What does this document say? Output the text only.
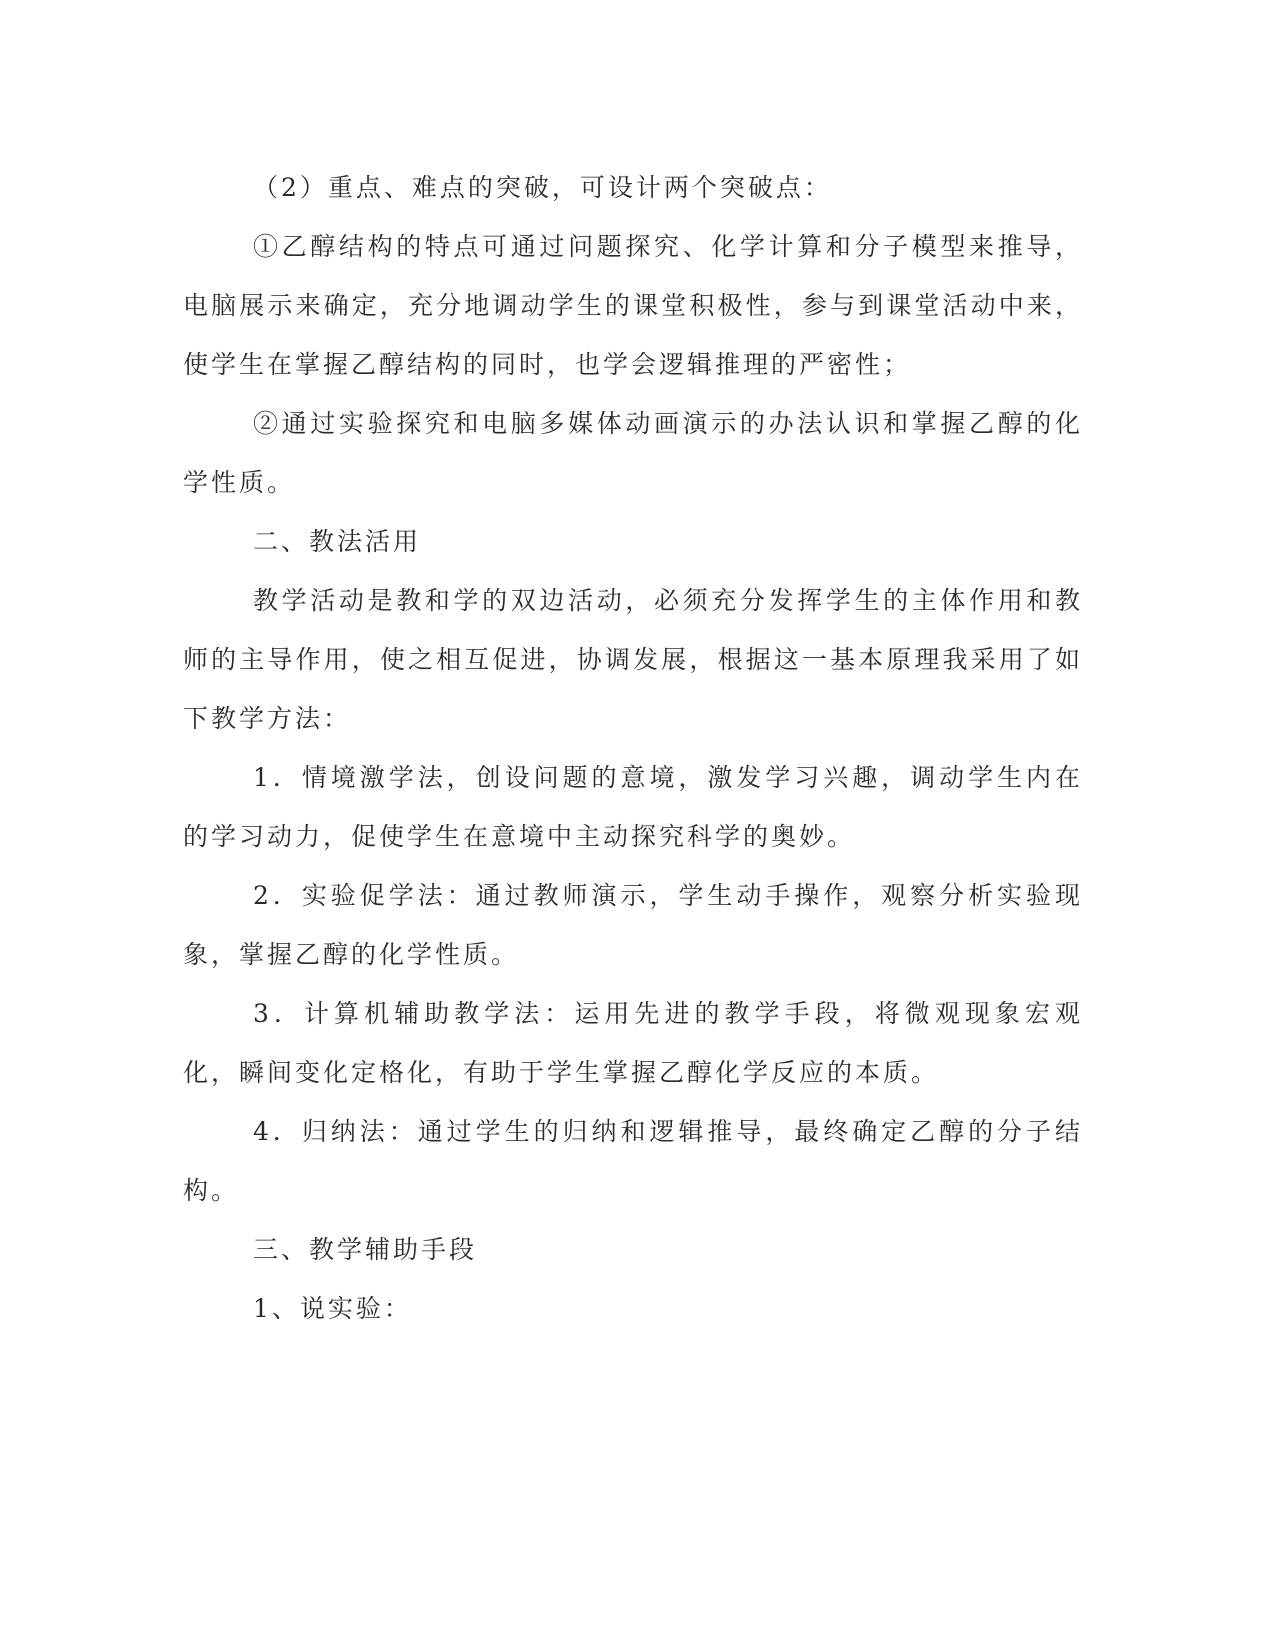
（2）重点、难点的突破，可设计两个突破点：

①乙醇结构的特点可通过问题探究、化学计算和分子模型来推导，电脑展示来确定，充分地调动学生的课堂积极性，参与到课堂活动中来，使学生在掌握乙醇结构的同时，也学会逻辑推理的严密性；

②通过实验探究和电脑多媒体动画演示的办法认识和掌握乙醇的化学性质。

二、教法活用

教学活动是教和学的双边活动，必须充分发挥学生的主体作用和教师的主导作用，使之相互促进，协调发展，根据这一基本原理我采用了如下教学方法：

1．情境激学法，创设问题的意境，激发学习兴趣，调动学生内在的学习动力，促使学生在意境中主动探究科学的奥妙。

2．实验促学法：通过教师演示，学生动手操作，观察分析实验现象，掌握乙醇的化学性质。

3．计算机辅助教学法：运用先进的教学手段，将微观现象宏观化，瞬间变化定格化，有助于学生掌握乙醇化学反应的本质。

4．归纳法：通过学生的归纳和逻辑推导，最终确定乙醇的分子结构。

三、教学辅助手段

1、说实验：
